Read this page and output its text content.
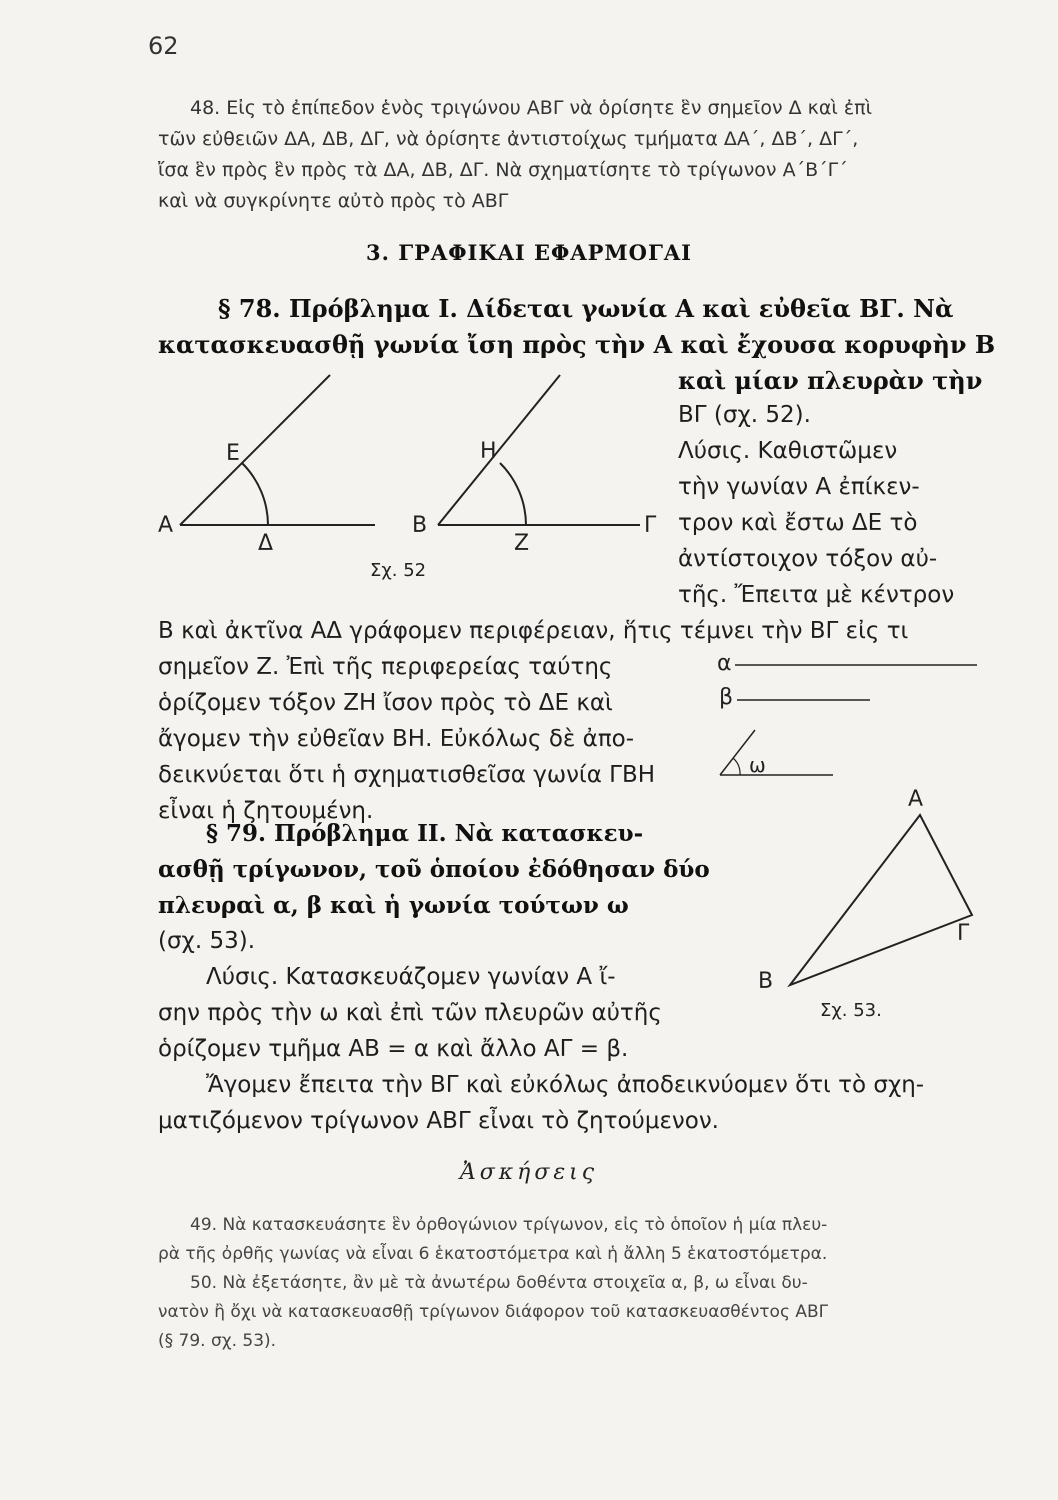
62
48. Εἰς τὸ ἐπίπεδον ἑνὸς τριγώνου ΑΒΓ νὰ ὁρίσητε ἓν σημεῖον Δ καὶ ἐπὶ
τῶν εὐθειῶν ΔΑ, ΔΒ, ΔΓ, νὰ ὁρίσητε ἀντιστοίχως τμήματα ΔΑ΄, ΔΒ΄, ΔΓ΄,
ἴσα ἓν πρὸς ἓν πρὸς τὰ ΔΑ, ΔΒ, ΔΓ. Νὰ σχηματίσητε τὸ τρίγωνον Α΄Β΄Γ΄
καὶ νὰ συγκρίνητε αὐτὸ πρὸς τὸ ΑΒΓ
3. ΓΡΑΦΙΚΑΙ ΕΦΑΡΜΟΓΑΙ
§ 78. Πρόβλημα Ι. Δίδεται γωνία Α καὶ εὐθεῖα ΒΓ. Νὰ
κατασκευασθῇ γωνία ἴση πρὸς τὴν Α καὶ ἔχουσα κορυφὴν Β
καὶ μίαν πλευρὰν τὴν
ΒΓ (σχ. 52).
Λύσις. Καθιστῶμεν
τὴν γωνίαν Α ἐπίκεν-
τρον καὶ ἔστω ΔΕ τὸ
ἀντίστοιχον τόξον αὐ-
τῆς. Ἔπειτα μὲ κέντρον
Β καὶ ἀκτῖνα ΑΔ γράφομεν περιφέρειαν, ἥτις τέμνει τὴν ΒΓ εἰς τι
σημεῖον Ζ. Ἐπὶ τῆς περιφερείας ταύτης
ὁρίζομεν τόξον ΖΗ ἴσον πρὸς τὸ ΔΕ καὶ
ἄγομεν τὴν εὐθεῖαν ΒΗ. Εὐκόλως δὲ ἀπο-
δεικνύεται ὅτι ἡ σχηματισθεῖσα γωνία ΓΒΗ
εἶναι ἡ ζητουμένη.
Α
Ε
Δ
Β
Η
Ζ
Γ
Σχ. 52
α
β
ω
§ 79. Πρόβλημα ΙΙ. Νὰ κατασκευ-
ασθῇ τρίγωνον, τοῦ ὁποίου ἐδόθησαν δύο
πλευραὶ α, β καὶ ἡ γωνία τούτων ω
(σχ. 53).
Λύσις. Κατασκευάζομεν γωνίαν Α ἴ-
σην πρὸς τὴν ω καὶ ἐπὶ τῶν πλευρῶν αὐτῆς
ὁρίζομεν τμῆμα ΑΒ = α καὶ ἄλλο ΑΓ = β.
Ἄγομεν ἔπειτα τὴν ΒΓ καὶ εὐκόλως ἀποδεικνύομεν ὅτι τὸ σχη-
ματιζόμενον τρίγωνον ΑΒΓ εἶναι τὸ ζητούμενον.
Α
Β
Γ
Σχ. 53.
Ἀσκήσεις
49. Νὰ κατασκευάσητε ἓν ὀρθογώνιον τρίγωνον, εἰς τὸ ὁποῖον ἡ μία πλευ-
ρὰ τῆς ὀρθῆς γωνίας νὰ εἶναι 6 ἑκατοστόμετρα καὶ ἡ ἄλλη 5 ἑκατοστόμετρα.
50. Νὰ ἐξετάσητε, ἂν μὲ τὰ ἀνωτέρω δοθέντα στοιχεῖα α, β, ω εἶναι δυ-
νατὸν ἢ ὄχι νὰ κατασκευασθῇ τρίγωνον διάφορον τοῦ κατασκευασθέντος ΑΒΓ
(§ 79. σχ. 53).
